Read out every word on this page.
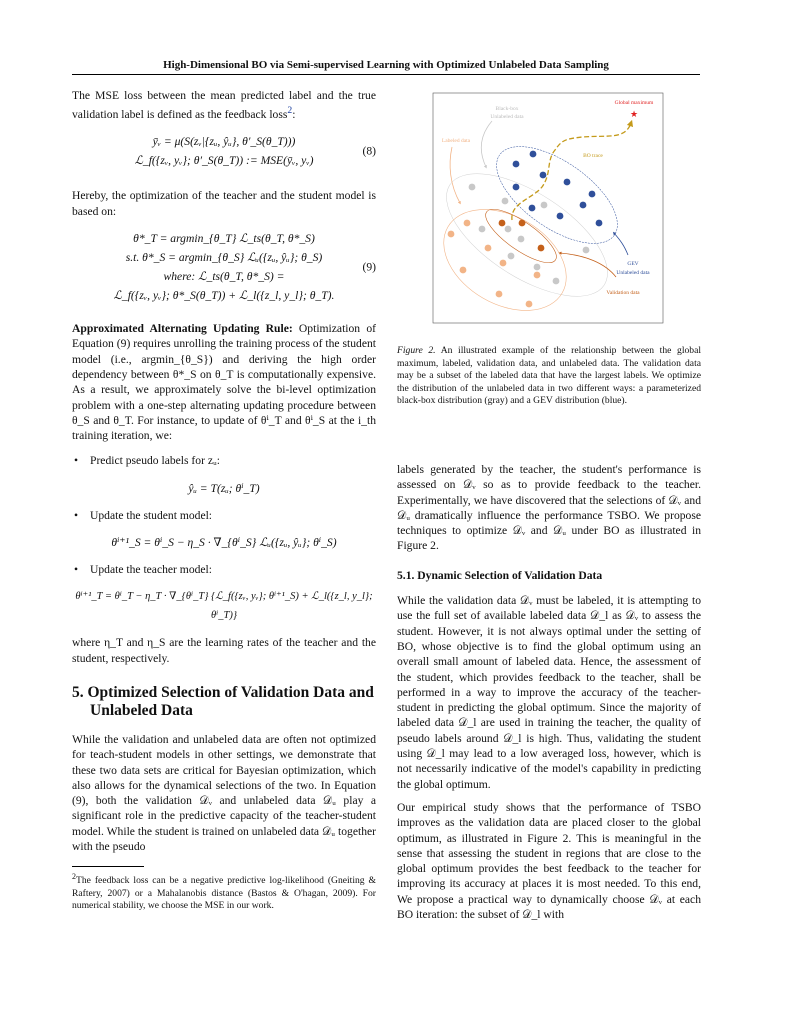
High-Dimensional BO via Semi-supervised Learning with Optimized Unlabeled Data Sampling

The MSE loss between the mean predicted label and the true validation label is defined as the feedback loss$^2$:

ȳᵥ = μ(S(zᵥ|{zᵤ, ŷᵤ}, θ′_S(θ_T)))
ℒ_f({zᵥ, yᵥ}; θ′_S(θ_T)) := MSE(ȳᵥ, yᵥ)
(8)

Hereby, the optimization of the teacher and the student model is based on:

θ*_T = argmin_{θ_T} ℒ_ts(θ_T, θ*_S)
s.t. θ*_S = argmin_{θ_S} ℒᵤ({zᵤ, ŷᵤ}; θ_S)
where: ℒ_ts(θ_T, θ*_S) =
ℒ_f({zᵥ, yᵥ}; θ*_S(θ_T)) + ℒ_l({z_l, y_l}; θ_T).
(9)

Approximated Alternating Updating Rule: Optimization of Equation (9) requires unrolling the training process of the student model (i.e., argmin_{θ_S}) and deriving the high order dependency between θ*_S on θ_T is computationally expensive. As a result, we approximately solve the bi-level optimization problem with a one-step alternating updating procedure between θ_S and θ_T. For instance, to update of θⁱ_T and θⁱ_S at the i_th training iteration, we:

• Predict pseudo labels for zᵤ:
ŷᵤ = T(zᵤ; θⁱ_T)
• Update the student model:
θⁱ⁺¹_S = θⁱ_S − η_S · ∇_{θⁱ_S} ℒᵤ({zᵤ, ŷᵤ}; θⁱ_S)
• Update the teacher model:
θⁱ⁺¹_T = θⁱ_T − η_T · ∇_{θⁱ_T} {ℒ_f({zᵥ, yᵥ}; θⁱ⁺¹_S) + ℒ_l({z_l, y_l}; θⁱ_T)}

where η_T and η_S are the learning rates of the teacher and the student, respectively.

5. Optimized Selection of Validation Data and Unlabeled Data

While the validation and unlabeled data are often not optimized for teach-student models in other settings, we demonstrate that these two data sets are critical for Bayesian optimization, which also allows for the dynamical selections of the two. In Equation (9), both the validation 𝒟ᵥ and unlabeled data 𝒟ᵤ play a significant role in the predictive capacity of the teacher-student model. While the student is trained on unlabeled data 𝒟ᵤ together with the pseudo

$^2$The feedback loss can be a negative predictive log-likelihood (Gneiting & Raftery, 2007) or a Mahalanobis distance (Bastos & O'hagan, 2009). For numerical stability, we choose the MSE in our work.
Global maximum
★
Black-box
Unlabeled data
Labeled data
BO trace
GEV
Unlabeled data
Validation data
Figure 2. An illustrated example of the relationship between the global maximum, labeled, validation data, and unlabeled data. The validation data may be a subset of the labeled data that have the largest labels. We optimize the distribution of the unlabeled data in two different ways: a parameterized black-box distribution (gray) and a GEV distribution (blue).

labels generated by the teacher, the student's performance is assessed on 𝒟ᵥ so as to provide feedback to the teacher. Experimentally, we have discovered that the selections of 𝒟ᵥ and 𝒟ᵤ dramatically influence the performance TSBO. We propose techniques to optimize 𝒟ᵥ and 𝒟ᵤ under BO as illustrated in Figure 2.

5.1. Dynamic Selection of Validation Data

While the validation data 𝒟ᵥ must be labeled, it is attempting to use the full set of available labeled data 𝒟_l as 𝒟ᵥ to assess the student. However, it is not always optimal under the setting of BO, whose objective is to find the global optimum using an overall small amount of labeled data. Hence, the assessment of the student, which provides feedback to the teacher, shall be performed in a way to improve the accuracy of the teacher-student in predicting the global optimum. Since the majority of labeled data 𝒟_l are used in training the teacher, the quality of pseudo labels around 𝒟_l is high. Thus, validating the student using 𝒟_l may lead to a low averaged loss, however, which is not necessarily indicative of the model's capability in predicting the global optimum.

Our empirical study shows that the performance of TSBO improves as the validation data are placed closer to the global optimum, as illustrated in Figure 2. This is meaningful in the sense that assessing the student in regions that are close to the global optimum provides the best feedback to the teacher for improving its accuracy at places it is most needed. To this end, We propose a practical way to dynamically choose 𝒟ᵥ at each BO iteration: the subset of 𝒟_l with
